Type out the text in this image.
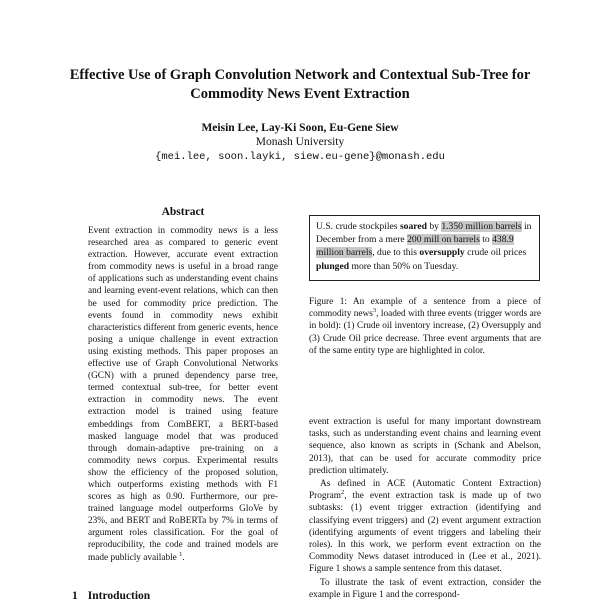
Effective Use of Graph Convolution Network and Contextual Sub-Tree for Commodity News Event Extraction
Meisin Lee, Lay-Ki Soon, Eu-Gene Siew
Monash University
{mei.lee, soon.layki, siew.eu-gene}@monash.edu
Abstract
Event extraction in commodity news is a less researched area as compared to generic event extraction. However, accurate event extraction from commodity news is useful in a broad range of applications such as understanding event chains and learning event-event relations, which can then be used for commodity price prediction. The events found in commodity news exhibit characteristics different from generic events, hence posing a unique challenge in event extraction using existing methods. This paper proposes an effective use of Graph Convolutional Networks (GCN) with a pruned dependency parse tree, termed contextual sub-tree, for better event extraction in commodity news. The event extraction model is trained using feature embeddings from ComBERT, a BERT-based masked language model that was produced through domain-adaptive pre-training on a commodity news corpus. Experimental results show the efficiency of the proposed solution, which outperforms existing methods with F1 scores as high as 0.90. Furthermore, our pre-trained language model outperforms GloVe by 23%, and BERT and RoBERTa by 7% in terms of argument roles classification. For the goal of reproducibility, the code and trained models are made publicly available $^1$.
1 Introduction
U.S. crude stockpiles soared by 1.350 million barrels in December from a mere 200 mill on barrels to 438.9 million barrels, due to this oversupply crude oil prices plunged more than 50% on Tuesday.
Figure 1: An example of a sentence from a piece of commodity news$^3$, loaded with three events (trigger words are in bold): (1) Crude oil inventory increase, (2) Oversupply and (3) Crude Oil price decrease. Three event arguments that are of the same entity type are highlighted in color.

event extraction is useful for many important downstream tasks, such as understanding event chains and learning event sequence, also known as scripts in (Schank and Abelson, 2013), that can be used for accurate commodity price prediction ultimately.

As defined in ACE (Automatic Content Extraction) Program$^2$, the event extraction task is made up of two subtasks: (1) event trigger extraction (identifying and classifying event triggers) and (2) event argument extraction (identifying arguments of event triggers and labeling their roles). In this work, we perform event extraction on the Commodity News dataset introduced in (Lee et al., 2021). Figure 1 shows a sample sentence from this dataset.

To illustrate the task of event extraction, consider the example in Figure 1 and the correspond-
